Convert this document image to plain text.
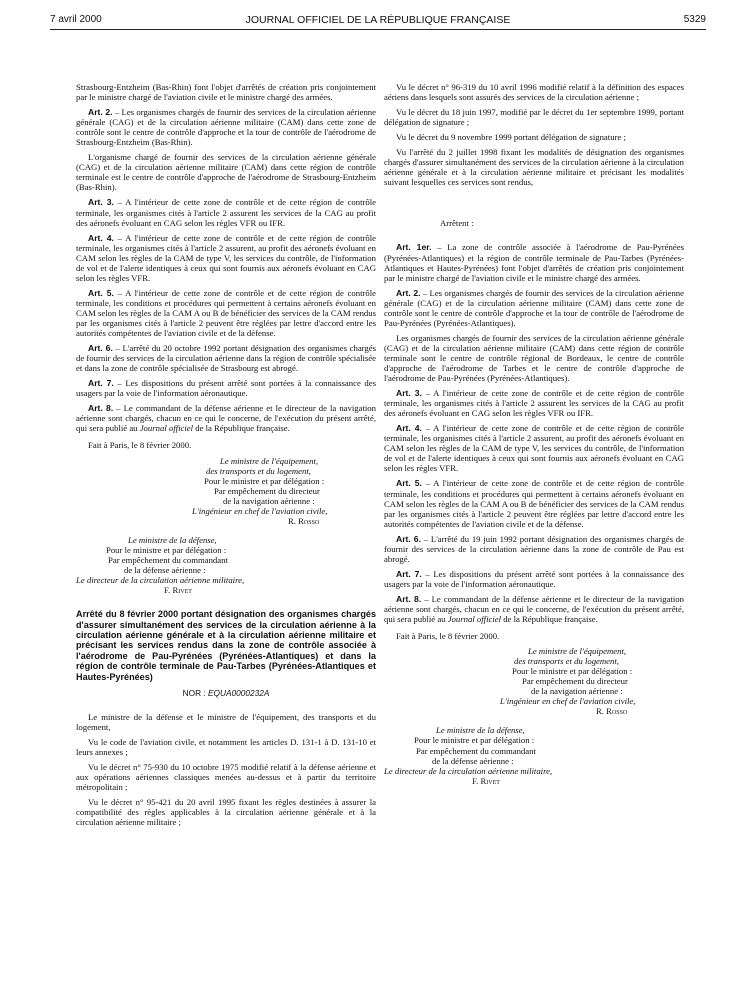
7 avril 2000	JOURNAL OFFICIEL DE LA RÉPUBLIQUE FRANÇAISE	5329

Strasbourg-Entzheim (Bas-Rhin) font l'objet d'arrêtés de création pris conjointement par le ministre chargé de l'aviation civile et le ministre chargé des armées.

Art. 2. – Les organismes chargés de fournir des services de la circulation aérienne générale (CAG) et de la circulation aérienne militaire (CAM) dans cette zone de contrôle sont le centre de contrôle d'approche et la tour de contrôle de l'aérodrome de Strasbourg-Entzheim (Bas-Rhin).

L'organisme chargé de fournir des services de la circulation aérienne générale (CAG) et de la circulation aérienne militaire (CAM) dans cette région de contrôle terminale est le centre de contrôle d'approche de l'aérodrome de Strasbourg-Entzheim (Bas-Rhin).

Art. 3. – A l'intérieur de cette zone de contrôle et de cette région de contrôle terminale, les organismes cités à l'article 2 assurent les services de la CAG au profit des aéronefs évoluant en CAG selon les règles VFR ou IFR.

Art. 4. – A l'intérieur de cette zone de contrôle et de cette région de contrôle terminale, les organismes cités à l'article 2 assurent, au profit des aéronefs évoluant en CAM selon les règles de la CAM de type V, les services du contrôle, de l'information de vol et de l'alerte identiques à ceux qui sont fournis aux aéronefs évoluant en CAG selon les règles VFR.

Art. 5. – A l'intérieur de cette zone de contrôle et de cette région de contrôle terminale, les conditions et procédures qui permettent à certains aéronefs évoluant en CAM selon les règles de la CAM A ou B de bénéficier des services de la CAM rendus par les organismes cités à l'article 2 peuvent être réglées par lettre d'accord entre les autorités compétentes de l'aviation civile et de la défense.

Art. 6. – L'arrêté du 20 octobre 1992 portant désignation des organismes chargés de fournir des services de la circulation aérienne dans la région de contrôle spécialisée et dans la zone de contrôle spécialisée de Strasbourg est abrogé.

Art. 7. – Les dispositions du présent arrêté sont portées à la connaissance des usagers par la voie de l'information aéronautique.

Art. 8. – Le commandant de la défense aérienne et le directeur de la navigation aérienne sont chargés, chacun en ce qui le concerne, de l'exécution du présent arrêté, qui sera publié au Journal officiel de la République française.

Fait à Paris, le 8 février 2000.

Le ministre de l'équipement,
des transports et du logement,
Pour le ministre et par délégation :
Par empêchement du directeur
de la navigation aérienne :
L'ingénieur en chef de l'aviation civile,
R. Rosso
Le ministre de la défense,
Pour le ministre et par délégation :
Par empêchement du commandant
de la défense aérienne :
Le directeur de la circulation aérienne militaire,
F. Rivet
Arrêté du 8 février 2000 portant désignation des organismes chargés d'assurer simultanément des services de la circulation aérienne à la circulation aérienne générale et à la circulation aérienne militaire et précisant les services rendus dans la zone de contrôle associée à l'aérodrome de Pau-Pyrénées (Pyrénées-Atlantiques) et dans la région de contrôle terminale de Pau-Tarbes (Pyrénées-Atlantiques et Hautes-Pyrénées)
NOR : EQUA0000232A

Le ministre de la défense et le ministre de l'équipement, des transports et du logement,

Vu le code de l'aviation civile, et notamment les articles D. 131-1 à D. 131-10 et leurs annexes ;

Vu le décret n° 75-930 du 10 octobre 1975 modifié relatif à la défense aérienne et aux opérations aériennes classiques menées au-dessus et à partir du territoire métropolitain ;

Vu le décret n° 95-421 du 20 avril 1995 fixant les règles destinées à assurer la compatibilité des règles applicables à la circulation aérienne générale et à la circulation aérienne militaire ;

Vu le décret n° 96-319 du 10 avril 1996 modifié relatif à la définition des espaces aériens dans lesquels sont assurés des services de la circulation aérienne ;

Vu le décret du 18 juin 1997, modifié par le décret du 1er septembre 1999, portant délégation de signature ;

Vu le décret du 9 novembre 1999 portant délégation de signature ;

Vu l'arrêté du 2 juillet 1998 fixant les modalités de désignation des organismes chargés d'assurer simultanément des services de la circulation aérienne à la circulation aérienne générale et à la circulation aérienne militaire et précisant les modalités suivant lesquelles ces services sont rendus,

Arrêtent :

Art. 1er. – La zone de contrôle associée à l'aérodrome de Pau-Pyrénées (Pyrénées-Atlantiques) et la région de contrôle terminale de Pau-Tarbes (Pyrénées-Atlantiques et Hautes-Pyrénées) font l'objet d'arrêtés de création pris conjointement par le ministre chargé de l'aviation civile et le ministre chargé des armées.

Art. 2. – Les organismes chargés de fournir des services de la circulation aérienne générale (CAG) et de la circulation aérienne militaire (CAM) dans cette zone de contrôle sont le centre de contrôle d'approche et la tour de contrôle de l'aérodrome de Pau-Pyrénées (Pyrénées-Atlantiques).

Les organismes chargés de fournir des services de la circulation aérienne générale (CAG) et de la circulation aérienne militaire (CAM) dans cette région de contrôle terminale sont le centre de contrôle régional de Bordeaux, le centre de contrôle d'approche de l'aérodrome de Tarbes et le centre de contrôle d'approche de l'aérodrome de Pau-Pyrénées (Pyrénées-Atlantiques).

Art. 3. – A l'intérieur de cette zone de contrôle et de cette région de contrôle terminale, les organismes cités à l'article 2 assurent les services de la CAG au profit des aéronefs évoluant en CAG selon les règles VFR ou IFR.

Art. 4. – A l'intérieur de cette zone de contrôle et de cette région de contrôle terminale, les organismes cités à l'article 2 assurent, au profit des aéronefs évoluant en CAM selon les règles de la CAM de type V, les services du contrôle, de l'information de vol et de l'alerte identiques à ceux qui sont fournis aux aéronefs évoluant en CAG selon les règles VFR.

Art. 5. – A l'intérieur de cette zone de contrôle et de cette région de contrôle terminale, les conditions et procédures qui permettent à certains aéronefs évoluant en CAM selon les règles de la CAM A ou B de bénéficier des services de la CAM rendus par les organismes cités à l'article 2 peuvent être réglées par lettre d'accord entre les autorités compétentes de l'aviation civile et de la défense.

Art. 6. – L'arrêté du 19 juin 1992 portant désignation des organismes chargés de fournir des services de la circulation aérienne dans la zone de contrôle de Pau est abrogé.

Art. 7. – Les dispositions du présent arrêté sont portées à la connaissance des usagers par la voie de l'information aéronautique.

Art. 8. – Le commandant de la défense aérienne et le directeur de la navigation aérienne sont chargés, chacun en ce qui le concerne, de l'exécution du présent arrêté, qui sera publié au Journal officiel de la République française.

Fait à Paris, le 8 février 2000.

Le ministre de l'équipement,
des transports et du logement,
Pour le ministre et par délégation :
Par empêchement du directeur
de la navigation aérienne :
L'ingénieur en chef de l'aviation civile,
R. Rosso
Le ministre de la défense,
Pour le ministre et par délégation :
Par empêchement du commandant
de la défense aérienne :
Le directeur de la circulation aérienne militaire,
F. Rivet
